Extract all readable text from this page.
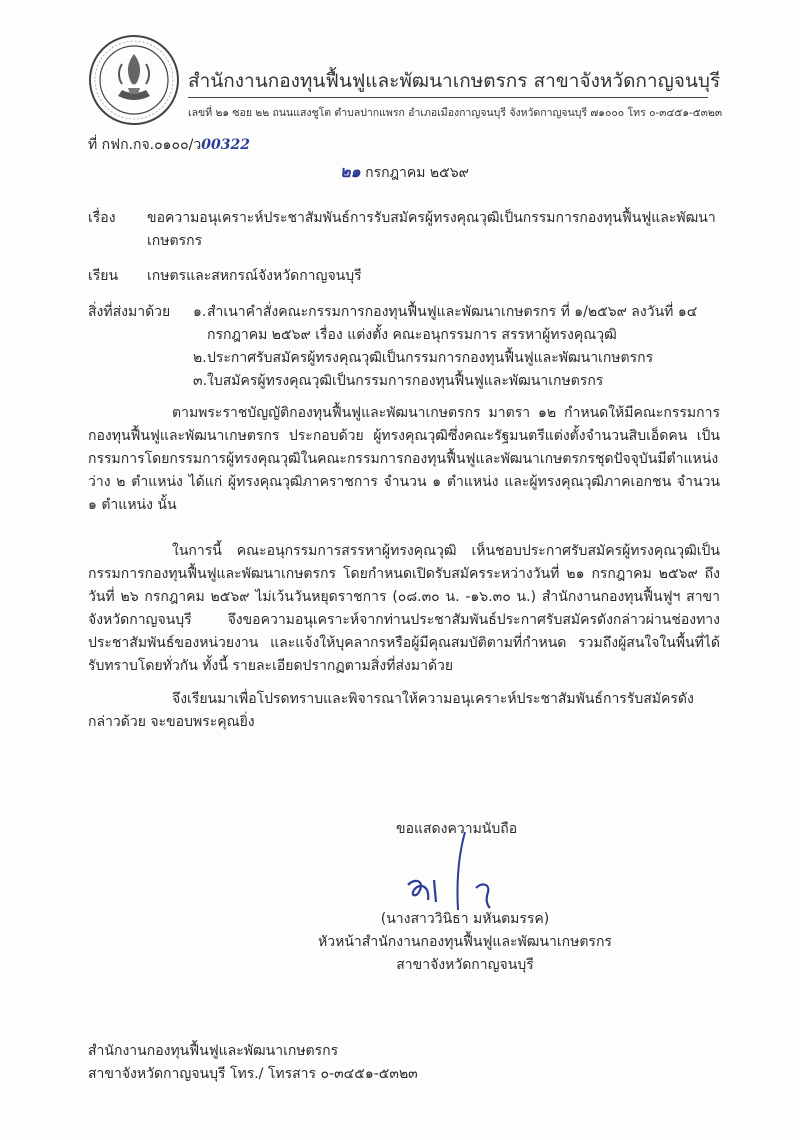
สำนักงานกองทุนฟื้นฟูและพัฒนาเกษตรกร สาขาจังหวัดกาญจนบุรี
เลขที่ ๒๑ ซอย ๒๒ ถนนแสงชูโต ตำบลปากแพรก อำเภอเมืองกาญจนบุรี จังหวัดกาญจนบุรี ๗๑๐๐๐ โทร ๐-๓๔๕๑-๕๓๒๓
ที่ กฟก.กจ.๐๑๐๐/ว00322
๒๑ กรกฎาคม ๒๕๖๙
เรื่อง ขอความอนุเคราะห์ประชาสัมพันธ์การรับสมัครผู้ทรงคุณวุฒิเป็นกรรมการกองทุนฟื้นฟูและพัฒนาเกษตรกร
เรียน เกษตรและสหกรณ์จังหวัดกาญจนบุรี
สิ่งที่ส่งมาด้วย ๑. สำเนาคำสั่งคณะกรรมการกองทุนฟื้นฟูและพัฒนาเกษตรกร ที่ ๑/๒๕๖๙ ลงวันที่ ๑๔ กรกฎาคม ๒๕๖๙ เรื่อง แต่งตั้ง คณะอนุกรรมการ สรรหาผู้ทรงคุณวุฒิ
๒. ประกาศรับสมัครผู้ทรงคุณวุฒิเป็นกรรมการกองทุนฟื้นฟูและพัฒนาเกษตรกร
๓. ใบสมัครผู้ทรงคุณวุฒิเป็นกรรมการกองทุนฟื้นฟูและพัฒนาเกษตรกร

ตามพระราชบัญญัติกองทุนฟื้นฟูและพัฒนาเกษตรกร มาตรา ๑๒ กำหนดให้มีคณะกรรมการกองทุนฟื้นฟูและพัฒนาเกษตรกร ประกอบด้วย ผู้ทรงคุณวุฒิซึ่งคณะรัฐมนตรีแต่งตั้งจำนวนสิบเอ็ดคน เป็นกรรมการโดยกรรมการผู้ทรงคุณวุฒิในคณะกรรมการกองทุนฟื้นฟูและพัฒนาเกษตรกรชุดปัจจุบันมีตำแหน่งว่าง ๒ ตำแหน่ง ได้แก่ ผู้ทรงคุณวุฒิภาคราชการ จำนวน ๑ ตำแหน่ง และผู้ทรงคุณวุฒิภาคเอกชน จำนวน ๑ ตำแหน่ง นั้น

ในการนี้ คณะอนุกรรมการสรรหาผู้ทรงคุณวุฒิ เห็นชอบประกาศรับสมัครผู้ทรงคุณวุฒิเป็นกรรมการกองทุนฟื้นฟูและพัฒนาเกษตรกร โดยกำหนดเปิดรับสมัครระหว่างวันที่ ๒๑ กรกฎาคม ๒๕๖๙ ถึงวันที่ ๒๖ กรกฎาคม ๒๕๖๙ ไม่เว้นวันหยุดราชการ (๐๘.๓๐ น. -๑๖.๓๐ น.) สำนักงานกองทุนฟื้นฟูฯ สาขาจังหวัดกาญจนบุรี จึงขอความอนุเคราะห์จากท่านประชาสัมพันธ์ประกาศรับสมัครดังกล่าวผ่านช่องทางประชาสัมพันธ์ของหน่วยงาน และแจ้งให้บุคลากรหรือผู้มีคุณสมบัติตามที่กำหนด รวมถึงผู้สนใจในพื้นที่ได้รับทราบโดยทั่วกัน ทั้งนี้ รายละเอียดปรากฏตามสิ่งที่ส่งมาด้วย

จึงเรียนมาเพื่อโปรดทราบและพิจารณาให้ความอนุเคราะห์ประชาสัมพันธ์การรับสมัครดังกล่าวด้วย จะขอบพระคุณยิ่ง

ขอแสดงความนับถือ
(นางสาววินิธา มหันตมรรค)
หัวหน้าสำนักงานกองทุนฟื้นฟูและพัฒนาเกษตรกร
สาขาจังหวัดกาญจนบุรี
สำนักงานกองทุนฟื้นฟูและพัฒนาเกษตรกร
สาขาจังหวัดกาญจนบุรี โทร./ โทรสาร ๐-๓๔๕๑-๕๓๒๓
